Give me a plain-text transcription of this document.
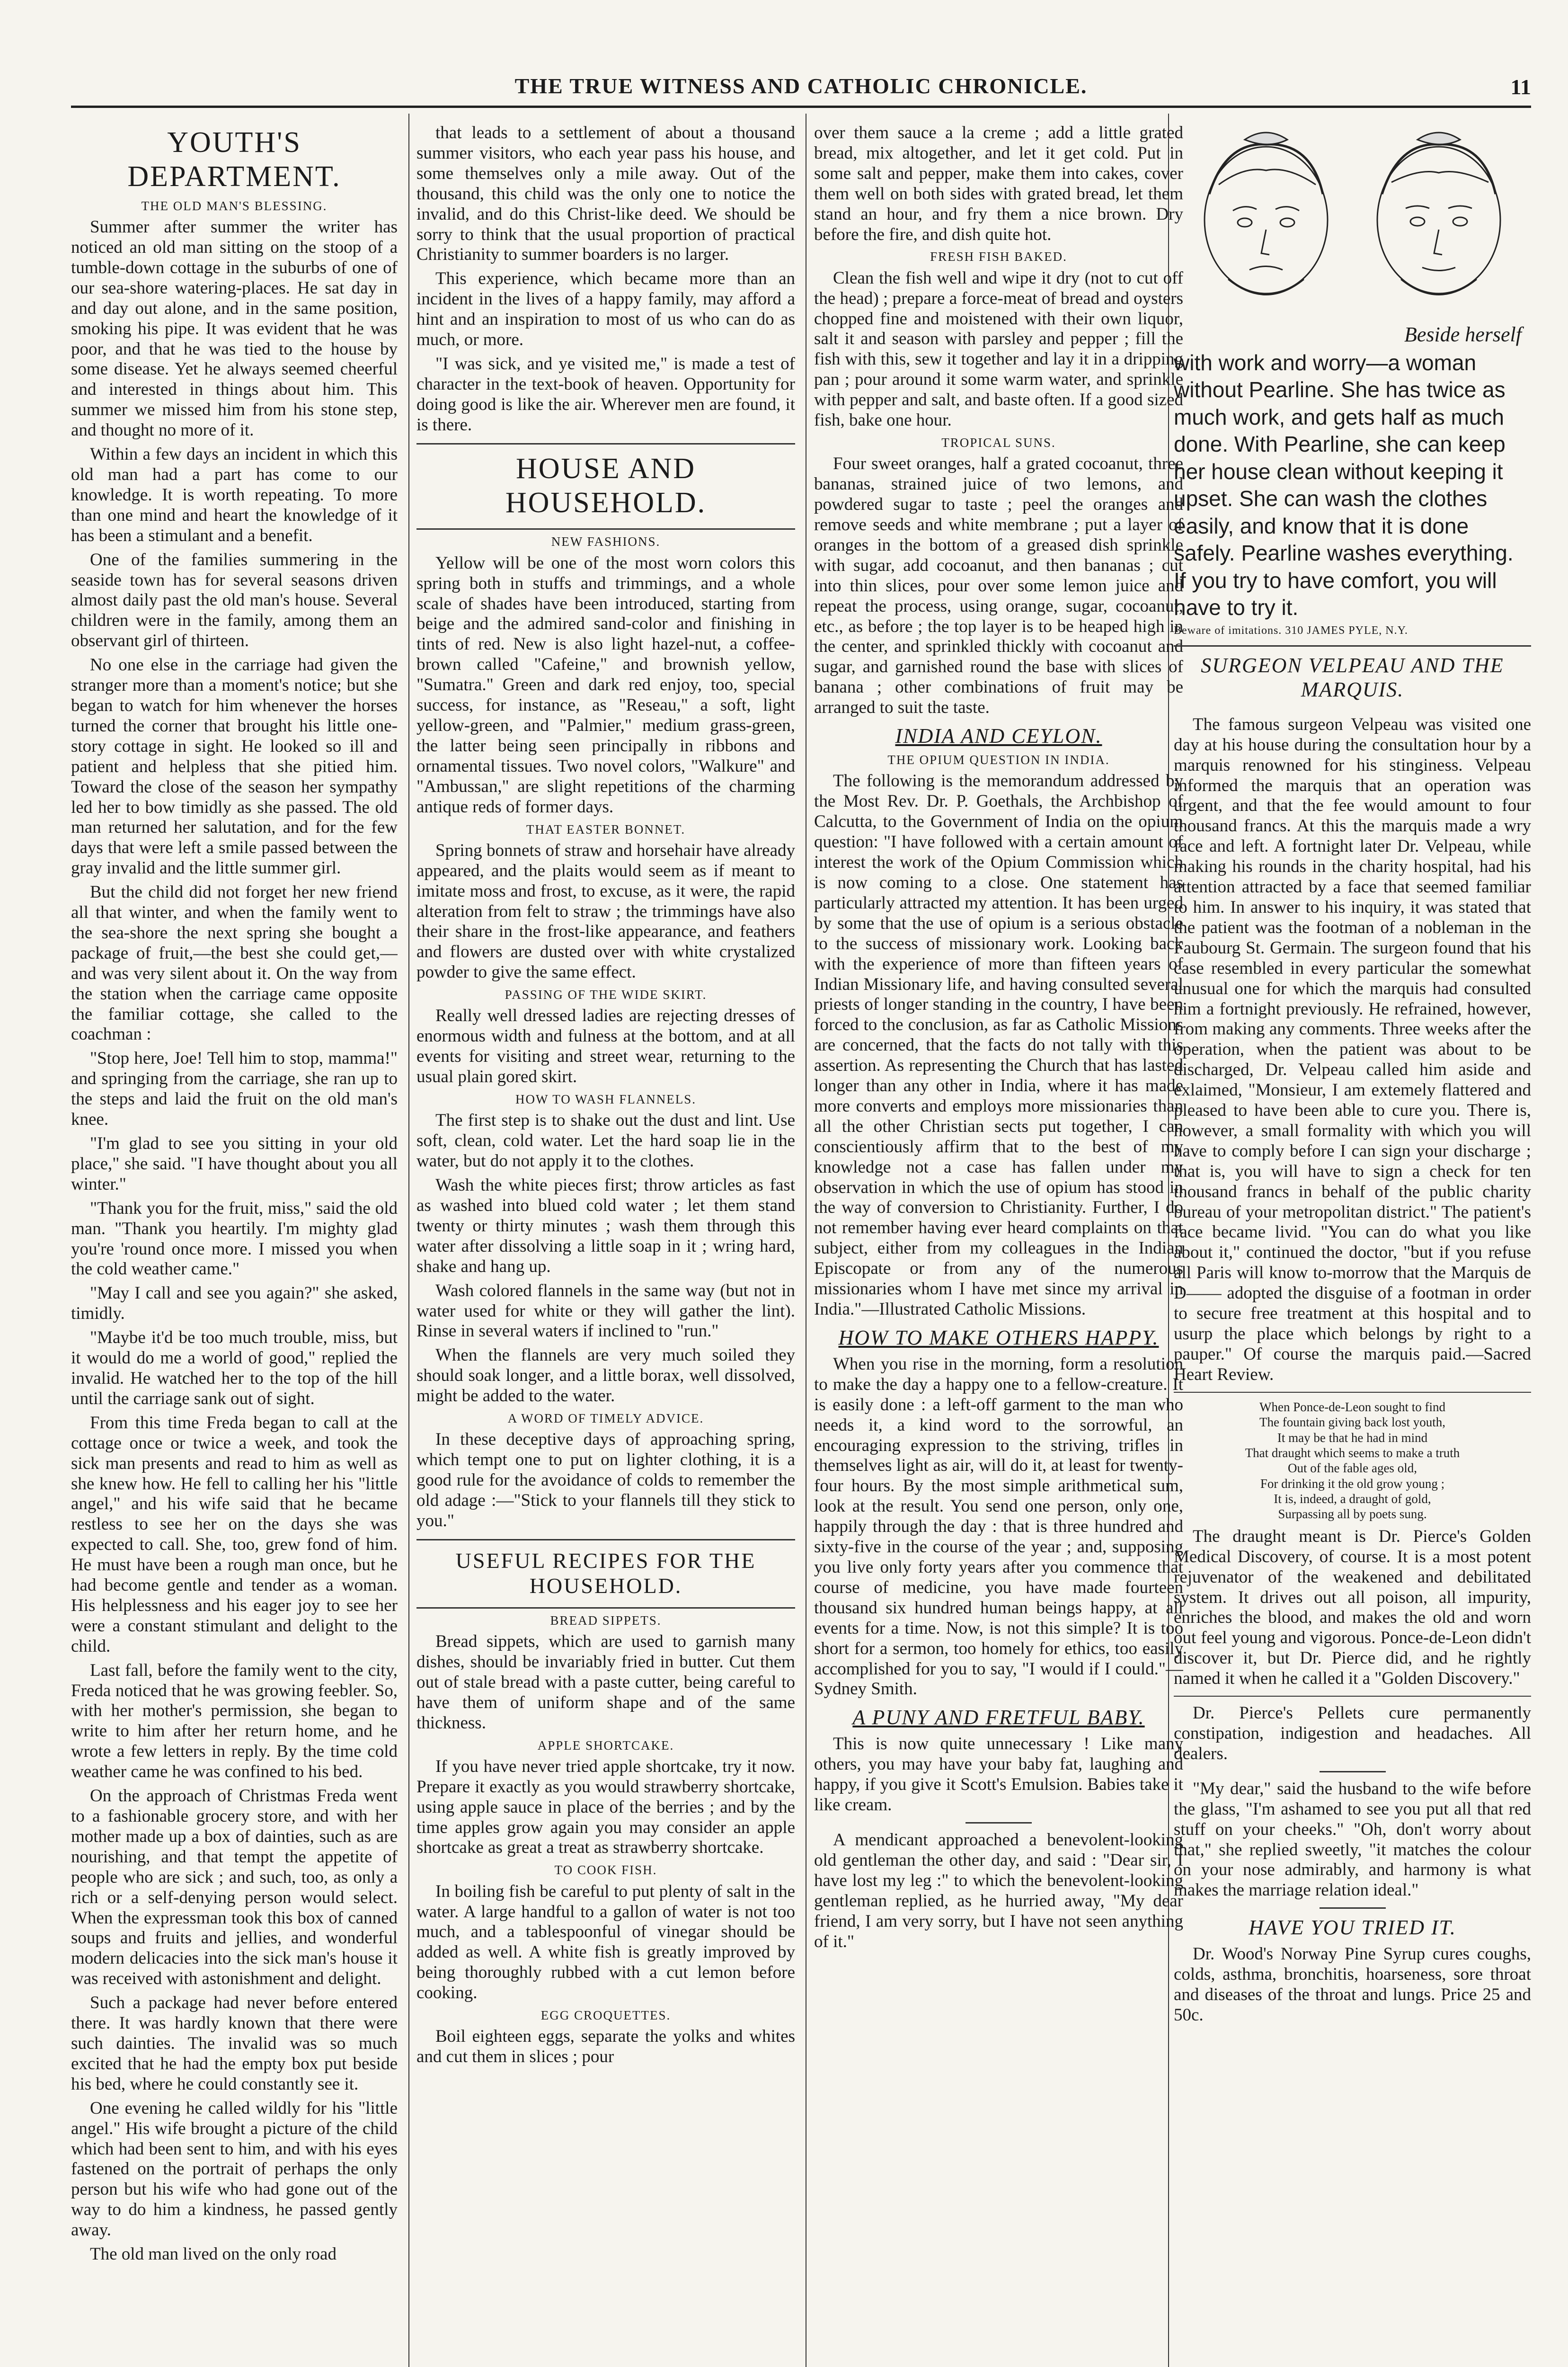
THE TRUE WITNESS AND CATHOLIC CHRONICLE.	11
YOUTH'S DEPARTMENT.
THE OLD MAN'S BLESSING.

Summer after summer the writer has noticed an old man sitting on the stoop of a tumble-down cottage in the suburbs of one of our sea-shore watering-places. He sat day in and day out alone, and in the same position, smoking his pipe. It was evident that he was poor, and that he was tied to the house by some disease. Yet he always seemed cheerful and interested in things about him. This summer we missed him from his stone step, and thought no more of it.

Within a few days an incident in which this old man had a part has come to our knowledge. It is worth repeating. To more than one mind and heart the knowledge of it has been a stimulant and a benefit.

One of the families summering in the seaside town has for several seasons driven almost daily past the old man's house. Several children were in the family, among them an observant girl of thirteen.

No one else in the carriage had given the stranger more than a moment's notice; but she began to watch for him whenever the horses turned the corner that brought his little one-story cottage in sight. He looked so ill and patient and helpless that she pitied him. Toward the close of the season her sympathy led her to bow timidly as she passed. The old man returned her salutation, and for the few days that were left a smile passed between the gray invalid and the little summer girl.

But the child did not forget her new friend all that winter, and when the family went to the sea-shore the next spring she bought a package of fruit,—the best she could get,—and was very silent about it. On the way from the station when the carriage came opposite the familiar cottage, she called to the coachman :

"Stop here, Joe! Tell him to stop, mamma!" and springing from the carriage, she ran up to the steps and laid the fruit on the old man's knee.

"I'm glad to see you sitting in your old place," she said. "I have thought about you all winter."

"Thank you for the fruit, miss," said the old man. "Thank you heartily. I'm mighty glad you're 'round once more. I missed you when the cold weather came."

"May I call and see you again?" she asked, timidly.

"Maybe it'd be too much trouble, miss, but it would do me a world of good," replied the invalid. He watched her to the top of the hill until the carriage sank out of sight.

From this time Freda began to call at the cottage once or twice a week, and took the sick man presents and read to him as well as she knew how. He fell to calling her his "little angel," and his wife said that he became restless to see her on the days she was expected to call. She, too, grew fond of him. He must have been a rough man once, but he had become gentle and tender as a woman. His helplessness and his eager joy to see her were a constant stimulant and delight to the child.

Last fall, before the family went to the city, Freda noticed that he was growing feebler. So, with her mother's permission, she began to write to him after her return home, and he wrote a few letters in reply. By the time cold weather came he was confined to his bed.

On the approach of Christmas Freda went to a fashionable grocery store, and with her mother made up a box of dainties, such as are nourishing, and that tempt the appetite of people who are sick ; and such, too, as only a rich or a self-denying person would select. When the expressman took this box of canned soups and fruits and jellies, and wonderful modern delicacies into the sick man's house it was received with astonishment and delight.

Such a package had never before entered there. It was hardly known that there were such dainties. The invalid was so much excited that he had the empty box put beside his bed, where he could constantly see it.

One evening he called wildly for his "little angel." His wife brought a picture of the child which had been sent to him, and with his eyes fastened on the portrait of perhaps the only person but his wife who had gone out of the way to do him a kindness, he passed gently away.

The old man lived on the only road

that leads to a settlement of about a thousand summer visitors, who each year pass his house, and some themselves only a mile away. Out of the thousand, this child was the only one to notice the invalid, and do this Christ-like deed. We should be sorry to think that the usual proportion of practical Christianity to summer boarders is no larger.

This experience, which became more than an incident in the lives of a happy family, may afford a hint and an inspiration to most of us who can do as much, or more.

"I was sick, and ye visited me," is made a test of character in the text-book of heaven. Opportunity for doing good is like the air. Wherever men are found, it is there.

HOUSE AND HOUSEHOLD.
NEW FASHIONS.

Yellow will be one of the most worn colors this spring both in stuffs and trimmings, and a whole scale of shades have been introduced, starting from beige and the admired sand-color and finishing in tints of red. New is also light hazel-nut, a coffee-brown called "Cafeine," and brownish yellow, "Sumatra." Green and dark red enjoy, too, special success, for instance, as "Reseau," a soft, light yellow-green, and "Palmier," medium grass-green, the latter being seen principally in ribbons and ornamental tissues. Two novel colors, "Walkure" and "Ambussan," are slight repetitions of the charming antique reds of former days.

THAT EASTER BONNET.

Spring bonnets of straw and horsehair have already appeared, and the plaits would seem as if meant to imitate moss and frost, to excuse, as it were, the rapid alteration from felt to straw ; the trimmings have also their share in the frost-like appearance, and feathers and flowers are dusted over with white crystalized powder to give the same effect.

PASSING OF THE WIDE SKIRT.

Really well dressed ladies are rejecting dresses of enormous width and fulness at the bottom, and at all events for visiting and street wear, returning to the usual plain gored skirt.

HOW TO WASH FLANNELS.

The first step is to shake out the dust and lint. Use soft, clean, cold water. Let the hard soap lie in the water, but do not apply it to the clothes.

Wash the white pieces first; throw articles as fast as washed into blued cold water ; let them stand twenty or thirty minutes ; wash them through this water after dissolving a little soap in it ; wring hard, shake and hang up.

Wash colored flannels in the same way (but not in water used for white or they will gather the lint). Rinse in several waters if inclined to "run."

When the flannels are very much soiled they should soak longer, and a little borax, well dissolved, might be added to the water.

A WORD OF TIMELY ADVICE.

In these deceptive days of approaching spring, which tempt one to put on lighter clothing, it is a good rule for the avoidance of colds to remember the old adage :—"Stick to your flannels till they stick to you."

USEFUL RECIPES FOR THE HOUSEHOLD.
BREAD SIPPETS.

Bread sippets, which are used to garnish many dishes, should be invariably fried in butter. Cut them out of stale bread with a paste cutter, being careful to have them of uniform shape and of the same thickness.

APPLE SHORTCAKE.

If you have never tried apple shortcake, try it now. Prepare it exactly as you would strawberry shortcake, using apple sauce in place of the berries ; and by the time apples grow again you may consider an apple shortcake as great a treat as strawberry shortcake.

TO COOK FISH.

In boiling fish be careful to put plenty of salt in the water. A large handful to a gallon of water is not too much, and a tablespoonful of vinegar should be added as well. A white fish is greatly improved by being thoroughly rubbed with a cut lemon before cooking.

EGG CROQUETTES.

Boil eighteen eggs, separate the yolks and whites and cut them in slices ; pour

over them sauce a la creme ; add a little grated bread, mix altogether, and let it get cold. Put in some salt and pepper, make them into cakes, cover them well on both sides with grated bread, let them stand an hour, and fry them a nice brown. Dry before the fire, and dish quite hot.

FRESH FISH BAKED.

Clean the fish well and wipe it dry (not to cut off the head) ; prepare a force-meat of bread and oysters chopped fine and moistened with their own liquor, salt it and season with parsley and pepper ; fill the fish with this, sew it together and lay it in a dripping pan ; pour around it some warm water, and sprinkle with pepper and salt, and baste often. If a good sized fish, bake one hour.

TROPICAL SUNS.

Four sweet oranges, half a grated cocoanut, three bananas, strained juice of two lemons, and powdered sugar to taste ; peel the oranges and remove seeds and white membrane ; put a layer of oranges in the bottom of a greased dish sprinkle with sugar, add cocoanut, and then bananas ; cut into thin slices, pour over some lemon juice and repeat the process, using orange, sugar, cocoanut, etc., as before ; the top layer is to be heaped high in the center, and sprinkled thickly with cocoanut and sugar, and garnished round the base with slices of banana ; other combinations of fruit may be arranged to suit the taste.

INDIA AND CEYLON.
THE OPIUM QUESTION IN INDIA.

The following is the memorandum addressed by the Most Rev. Dr. P. Goethals, the Archbishop of Calcutta, to the Government of India on the opium question: "I have followed with a certain amount of interest the work of the Opium Commission which is now coming to a close. One statement has particularly attracted my attention. It has been urged by some that the use of opium is a serious obstacle to the success of missionary work. Looking back with the experience of more than fifteen years of Indian Missionary life, and having consulted several priests of longer standing in the country, I have been forced to the conclusion, as far as Catholic Missions are concerned, that the facts do not tally with this assertion. As representing the Church that has lasted longer than any other in India, where it has made more converts and employs more missionaries than all the other Christian sects put together, I can conscientiously affirm that to the best of my knowledge not a case has fallen under my observation in which the use of opium has stood in the way of conversion to Christianity. Further, I do not remember having ever heard complaints on that subject, either from my colleagues in the Indian Episcopate or from any of the numerous missionaries whom I have met since my arrival in India."—Illustrated Catholic Missions.

HOW TO MAKE OTHERS HAPPY.

When you rise in the morning, form a resolution to make the day a happy one to a fellow-creature. It is easily done : a left-off garment to the man who needs it, a kind word to the sorrowful, an encouraging expression to the striving, trifles in themselves light as air, will do it, at least for twenty-four hours. By the most simple arithmetical sum, look at the result. You send one person, only one, happily through the day : that is three hundred and sixty-five in the course of the year ; and, supposing you live only forty years after you commence that course of medicine, you have made fourteen thousand six hundred human beings happy, at all events for a time. Now, is not this simple? It is too short for a sermon, too homely for ethics, too easily accomplished for you to say, "I would if I could."—Sydney Smith.

A PUNY AND FRETFUL BABY.

This is now quite unnecessary ! Like many others, you may have your baby fat, laughing and happy, if you give it Scott's Emulsion. Babies take it like cream.

A mendicant approached a benevolent-looking old gentleman the other day, and said : "Dear sir, I have lost my leg :" to which the benevolent-looking gentleman replied, as he hurried away, "My dear friend, I am very sorry, but I have not seen anything of it."

Beside herself

with work and worry—a woman without Pearline. She has twice as much work, and gets half as much done. With Pearline, she can keep her house clean without keeping it upset. She can wash the clothes easily, and know that it is done safely. Pearline washes everything. If you try to have comfort, you will have to try it.

Beware of imitations. 310 JAMES PYLE, N.Y.
SURGEON VELPEAU AND THE MARQUIS.

The famous surgeon Velpeau was visited one day at his house during the consultation hour by a marquis renowned for his stinginess. Velpeau informed the marquis that an operation was urgent, and that the fee would amount to four thousand francs. At this the marquis made a wry face and left. A fortnight later Dr. Velpeau, while making his rounds in the charity hospital, had his attention attracted by a face that seemed familiar to him. In answer to his inquiry, it was stated that the patient was the footman of a nobleman in the Faubourg St. Germain. The surgeon found that his case resembled in every particular the somewhat unusual one for which the marquis had consulted him a fortnight previously. He refrained, however, from making any comments. Three weeks after the operation, when the patient was about to be discharged, Dr. Velpeau called him aside and exlaimed, "Monsieur, I am extemely flattered and pleased to have been able to cure you. There is, however, a small formality with which you will have to comply before I can sign your discharge ; that is, you will have to sign a check for ten thousand francs in behalf of the public charity bureau of your metropolitan district." The patient's face became livid. "You can do what you like about it," continued the doctor, "but if you refuse all Paris will know to-morrow that the Marquis de D—— adopted the disguise of a footman in order to secure free treatment at this hospital and to usurp the place which belongs by right to a pauper." Of course the marquis paid.—Sacred Heart Review.

When Ponce-de-Leon sought to find
The fountain giving back lost youth,
It may be that he had in mind
That draught which seems to make a truth
Out of the fable ages old,
For drinking it the old grow young ;
It is, indeed, a draught of gold,
Surpassing all by poets sung.

The draught meant is Dr. Pierce's Golden Medical Discovery, of course. It is a most potent rejuvenator of the weakened and debilitated system. It drives out all poison, all impurity, enriches the blood, and makes the old and worn out feel young and vigorous. Ponce-de-Leon didn't discover it, but Dr. Pierce did, and he rightly named it when he called it a "Golden Discovery."

Dr. Pierce's Pellets cure permanently constipation, indigestion and headaches. All dealers.

"My dear," said the husband to the wife before the glass, "I'm ashamed to see you put all that red stuff on your cheeks." "Oh, don't worry about that," she replied sweetly, "it matches the colour on your nose admirably, and harmony is what makes the marriage relation ideal."

HAVE YOU TRIED IT.

Dr. Wood's Norway Pine Syrup cures coughs, colds, asthma, bronchitis, hoarseness, sore throat and diseases of the throat and lungs. Price 25 and 50c.
